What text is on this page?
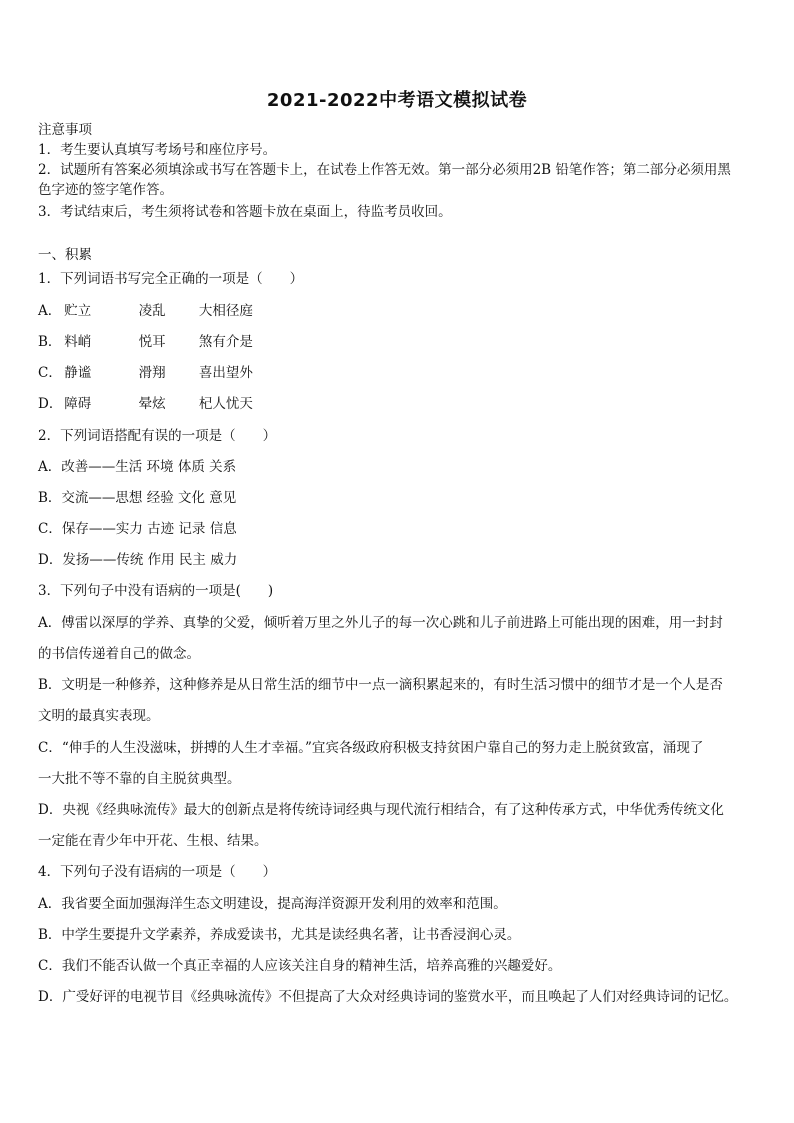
2021-2022中考语文模拟试卷
注意事项
1．考生要认真填写考场号和座位序号。
2．试题所有答案必须填涂或书写在答题卡上，在试卷上作答无效。第一部分必须用2B 铅笔作答；第二部分必须用黑
色字迹的签字笔作答。
3．考试结束后，考生须将试卷和答题卡放在桌面上，待监考员收回。
一、积累
1．下列词语书写完全正确的一项是（　　）
A． 贮立	凌乱 大相径庭
B． 料峭	悦耳 煞有介是
C． 静谧	滑翔 喜出望外
D． 障碍	晕炫 杞人忧天
2．下列词语搭配有误的一项是（　　）
A．改善——生活 环境 体质 关系
B．交流——思想 经验 文化 意见
C．保存——实力 古迹 记录 信息
D．发扬——传统 作用 民主 威力
3．下列句子中没有语病的一项是(　　)
A．傅雷以深厚的学养、真挚的父爱，倾听着万里之外儿子的每一次心跳和儿子前进路上可能出现的困难，用一封封
的书信传递着自己的做念。
B．文明是一种修养，这种修养是从日常生活的细节中一点一滴积累起来的，有时生活习惯中的细节才是一个人是否
文明的最真实表现。
C．“伸手的人生没滋味，拼搏的人生才幸福。”宜宾各级政府积极支持贫困户靠自己的努力走上脱贫致富，涌现了
一大批不等不靠的自主脱贫典型。
D．央视《经典咏流传》最大的创新点是将传统诗词经典与现代流行相结合，有了这种传承方式，中华优秀传统文化
一定能在青少年中开花、生根、结果。
4．下列句子没有语病的一项是（　　）
A．我省要全面加强海洋生态文明建设，提高海洋资源开发利用的效率和范围。
B．中学生要提升文学素养，养成爱读书，尤其是读经典名著，让书香浸润心灵。
C．我们不能否认做一个真正幸福的人应该关注自身的精神生活，培养高雅的兴趣爱好。
D．广受好评的电视节目《经典咏流传》不但提高了大众对经典诗词的鉴赏水平，而且唤起了人们对经典诗词的记忆。
